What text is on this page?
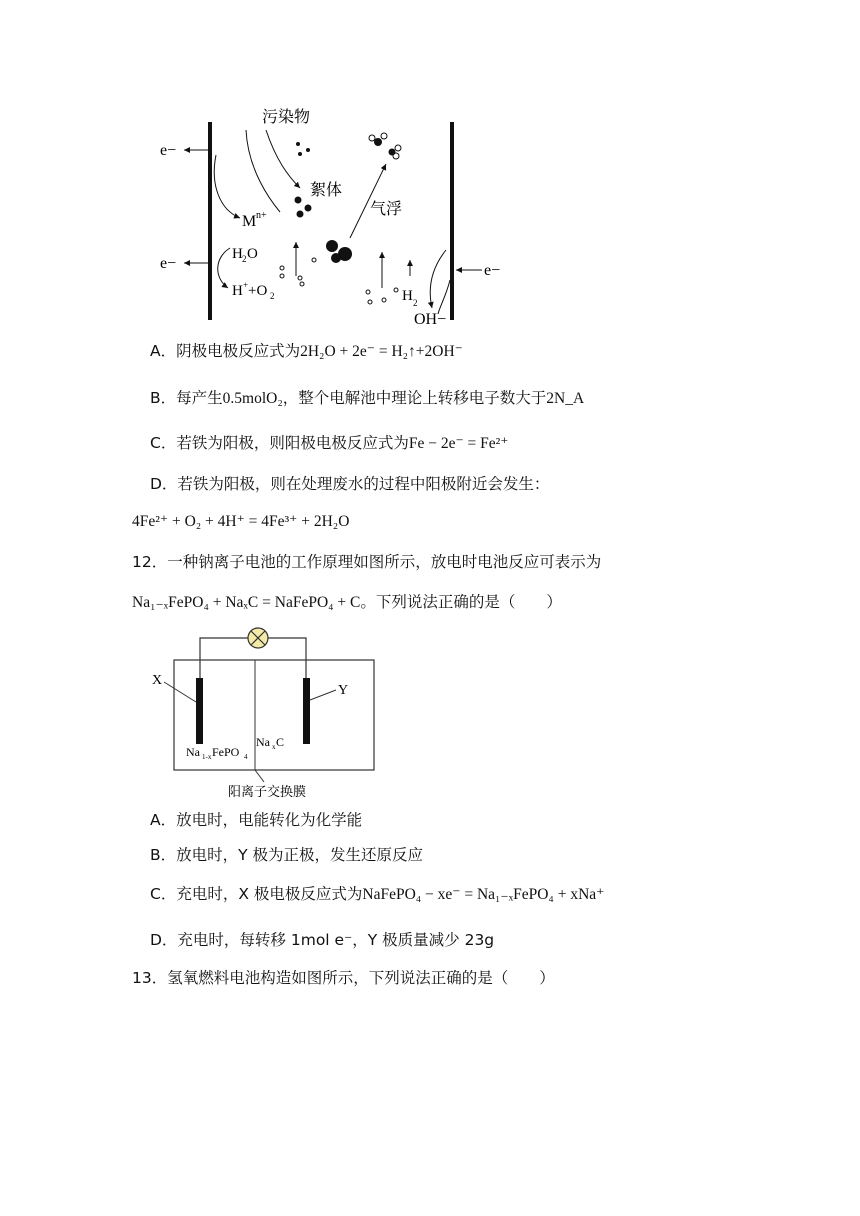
e−
e−	e−
M n+
H 2 O
H + +O 2
污染物
絮体
气浮
H 2
OH−
A．阴极电极反应式为2H₂O + 2e⁻ = H₂↑+2OH⁻
B．每产生0.5molO₂，整个电解池中理论上转移电子数大于2N_A
C．若铁为阳极，则阳极电极反应式为Fe − 2e⁻ = Fe²⁺
D．若铁为阳极，则在处理废水的过程中阳极附近会发生：
4Fe²⁺ + O₂ + 4H⁺ = 4Fe³⁺ + 2H₂O
12．一种钠离子电池的工作原理如图所示，放电时电池反应可表示为
Na₁₋ₓFePO₄ + NaₓC = NaFePO₄ + C。下列说法正确的是（　　）
X
Y
Na 1-x FePO 4
Na x C
阳离子交换膜
A．放电时，电能转化为化学能
B．放电时，Y 极为正极，发生还原反应
C．充电时，X 极电极反应式为NaFePO₄ − xe⁻ = Na₁₋ₓFePO₄ + xNa⁺
D．充电时，每转移 1mol e⁻，Y 极质量减少 23g
13．氢氧燃料电池构造如图所示，下列说法正确的是（　　）
